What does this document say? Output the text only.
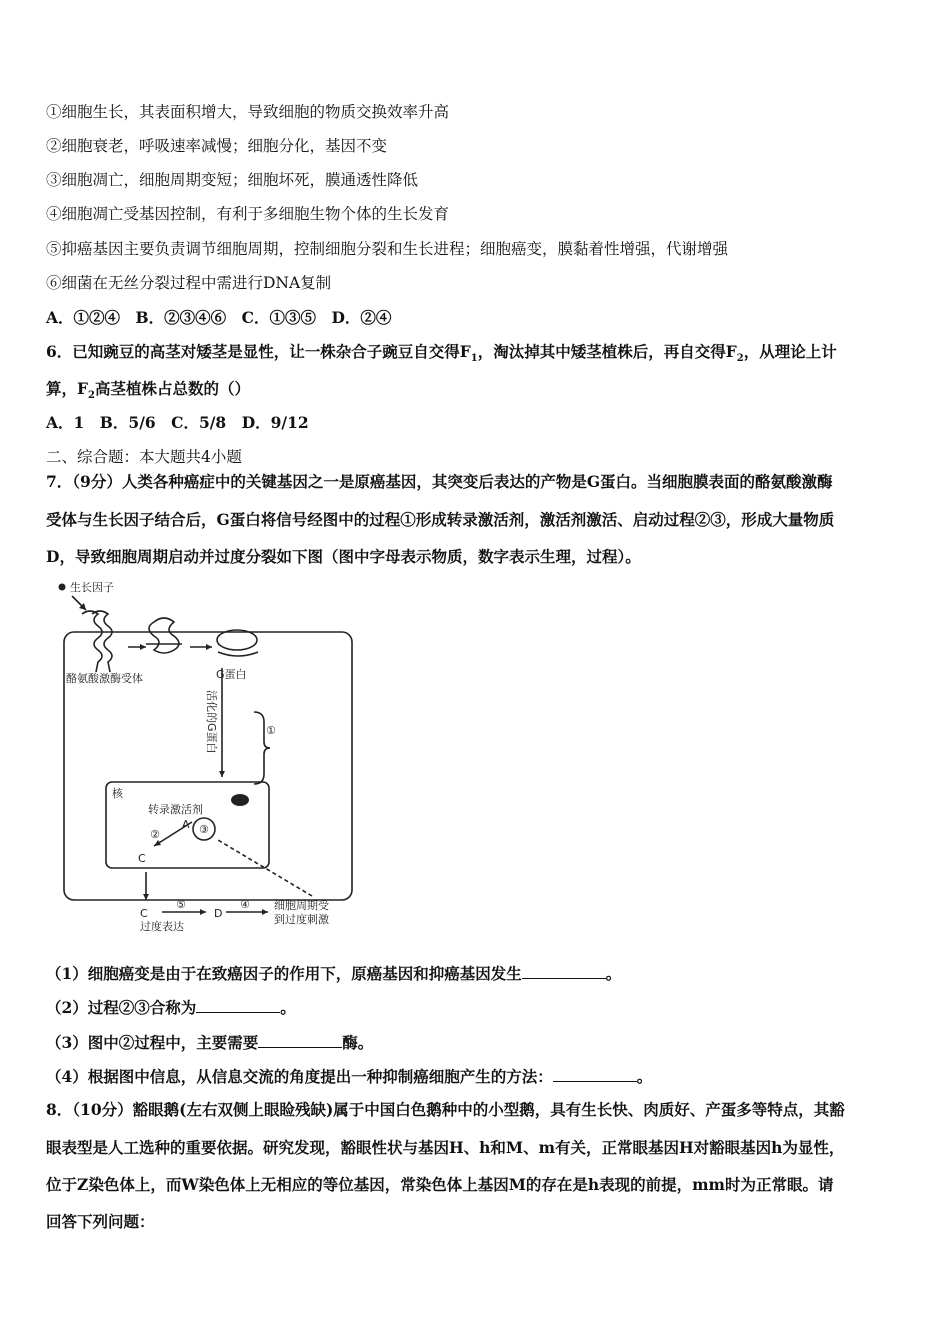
①细胞生长，其表面积增大，导致细胞的物质交换效率升高
②细胞衰老，呼吸速率减慢；细胞分化，基因不变
③细胞凋亡，细胞周期变短；细胞坏死，膜通透性降低
④细胞凋亡受基因控制，有利于多细胞生物个体的生长发育
⑤抑癌基因主要负责调节细胞周期，控制细胞分裂和生长进程；细胞癌变，膜黏着性增强，代谢增强
⑥细菌在无丝分裂过程中需进行DNA复制
A．①②④　B．②③④⑥　C．①③⑤　D．②④
6．已知豌豆的高茎对矮茎是显性，让一株杂合子豌豆自交得$F_1$，淘汰掉其中矮茎植株后，再自交得$F_2$，从理论上计
算，$F_2$高茎植株占总数的（）
A．1　B．5/6　C．5/8　D．9/12
二、综合题：本大题共4小题
7．（9分）人类各种癌症中的关键基因之一是原癌基因，其突变后表达的产物是G蛋白。当细胞膜表面的酪氨酸激酶
受体与生长因子结合后，G蛋白将信号经图中的过程①形成转录激活剂，激活剂激活、启动过程②③，形成大量物质
D，导致细胞周期启动并过度分裂如下图（图中字母表示物质，数字表示生理，过程）。
生长因子
酪氨酸激酶受体	G蛋白
活化的G蛋白	①
核
转录激活剂
②
A ③
C
C
⑤
过度表达
④
D
细胞周期受
到过度刺激
（1）细胞癌变是由于在致癌因子的作用下，原癌基因和抑癌基因发生	。
（2）过程②③合称为	。
（3）图中②过程中，主要需要	酶。
（4）根据图中信息，从信息交流的角度提出一种抑制癌细胞产生的方法：	。
8．（10分）豁眼鹅(左右双侧上眼睑残缺)属于中国白色鹅种中的小型鹅，具有生长快、肉质好、产蛋多等特点，其豁
眼表型是人工选种的重要依据。研究发现，豁眼性状与基因H、h和M、m有关，正常眼基因H对豁眼基因h为显性，
位于Z染色体上，而W染色体上无相应的等位基因，常染色体上基因M的存在是h表现的前提，mm时为正常眼。请
回答下列问题：
